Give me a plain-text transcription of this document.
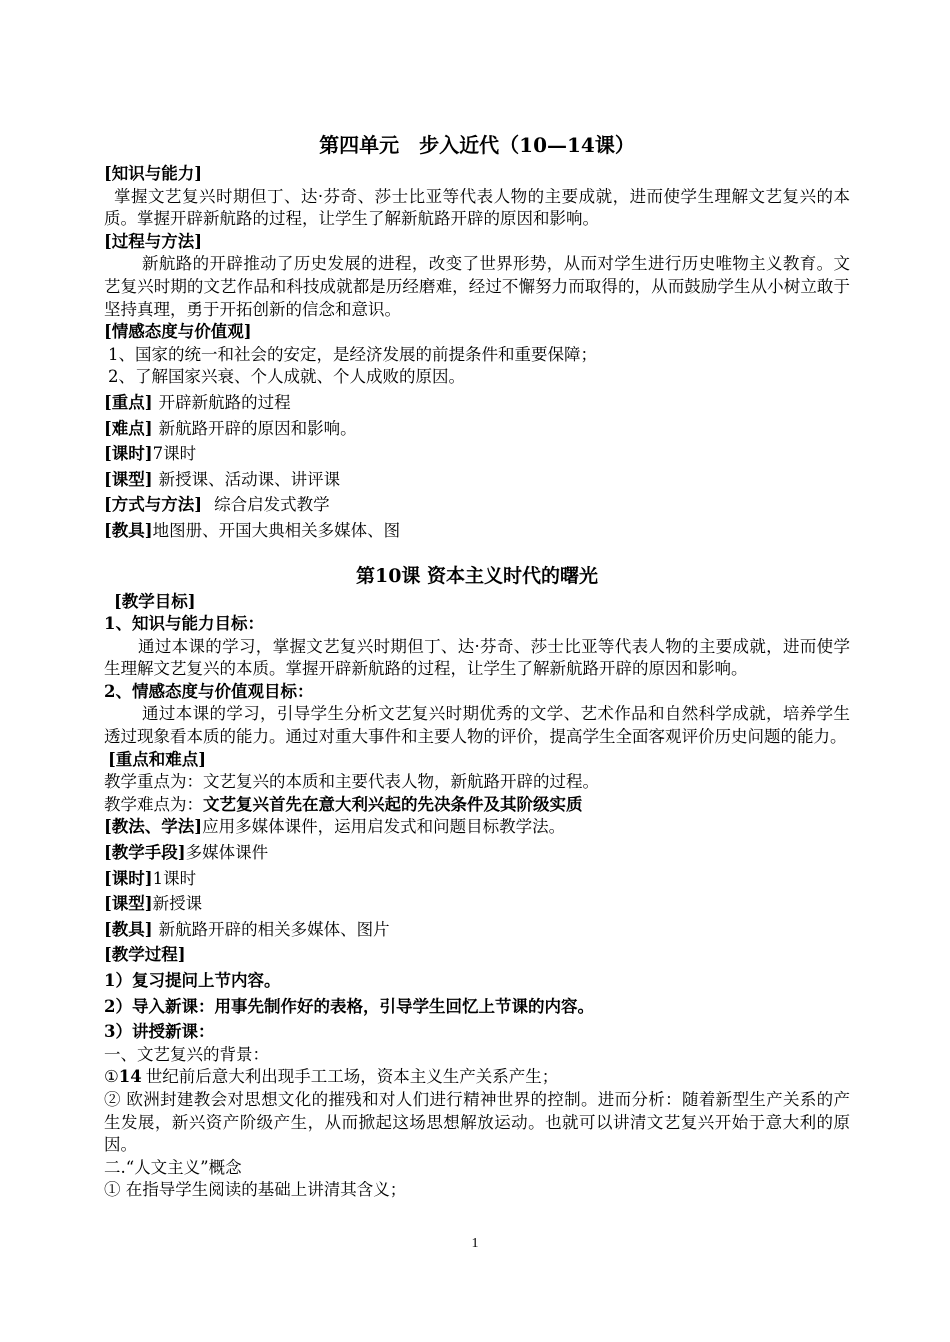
第四单元　步入近代（10—14课）

[知识与能力]

掌握文艺复兴时期但丁、达·芬奇、莎士比亚等代表人物的主要成就，进而使学生理解文艺复兴的本质。掌握开辟新航路的过程，让学生了解新航路开辟的原因和影响。

[过程与方法]

新航路的开辟推动了历史发展的进程，改变了世界形势，从而对学生进行历史唯物主义教育。文艺复兴时期的文艺作品和科技成就都是历经磨难，经过不懈努力而取得的，从而鼓励学生从小树立敢于坚持真理，勇于开拓创新的信念和意识。

[情感态度与价值观]

1、国家的统一和社会的安定，是经济发展的前提条件和重要保障；

2、了解国家兴衰、个人成就、个人成败的原因。

[重点] 开辟新航路的过程

[难点] 新航路开辟的原因和影响。

[课时]7课时

[课型] 新授课、活动课、讲评课

[方式与方法] 综合启发式教学

[教具]地图册、开国大典相关多媒体、图

第10课 资本主义时代的曙光

[教学目标]

1、知识与能力目标：

通过本课的学习，掌握文艺复兴时期但丁、达·芬奇、莎士比亚等代表人物的主要成就，进而使学生理解文艺复兴的本质。掌握开辟新航路的过程，让学生了解新航路开辟的原因和影响。

2、情感态度与价值观目标：

通过本课的学习，引导学生分析文艺复兴时期优秀的文学、艺术作品和自然科学成就，培养学生透过现象看本质的能力。通过对重大事件和主要人物的评价，提高学生全面客观评价历史问题的能力。

[重点和难点]

教学重点为：文艺复兴的本质和主要代表人物，新航路开辟的过程。

教学难点为：文艺复兴首先在意大利兴起的先决条件及其阶级实质

[教法、学法]应用多媒体课件，运用启发式和问题目标教学法。

[教学手段]多媒体课件

[课时]1课时

[课型]新授课

[教具] 新航路开辟的相关多媒体、图片

[教学过程]

1）复习提问上节内容。

2）导入新课：用事先制作好的表格，引导学生回忆上节课的内容。

3）讲授新课：

一、文艺复兴的背景：

①14 世纪前后意大利出现手工工场，资本主义生产关系产生；

② 欧洲封建教会对思想文化的摧残和对人们进行精神世界的控制。进而分析：随着新型生产关系的产生发展，新兴资产阶级产生，从而掀起这场思想解放运动。也就可以讲清文艺复兴开始于意大利的原因。

二.“人文主义”概念

① 在指导学生阅读的基础上讲清其含义；

1
